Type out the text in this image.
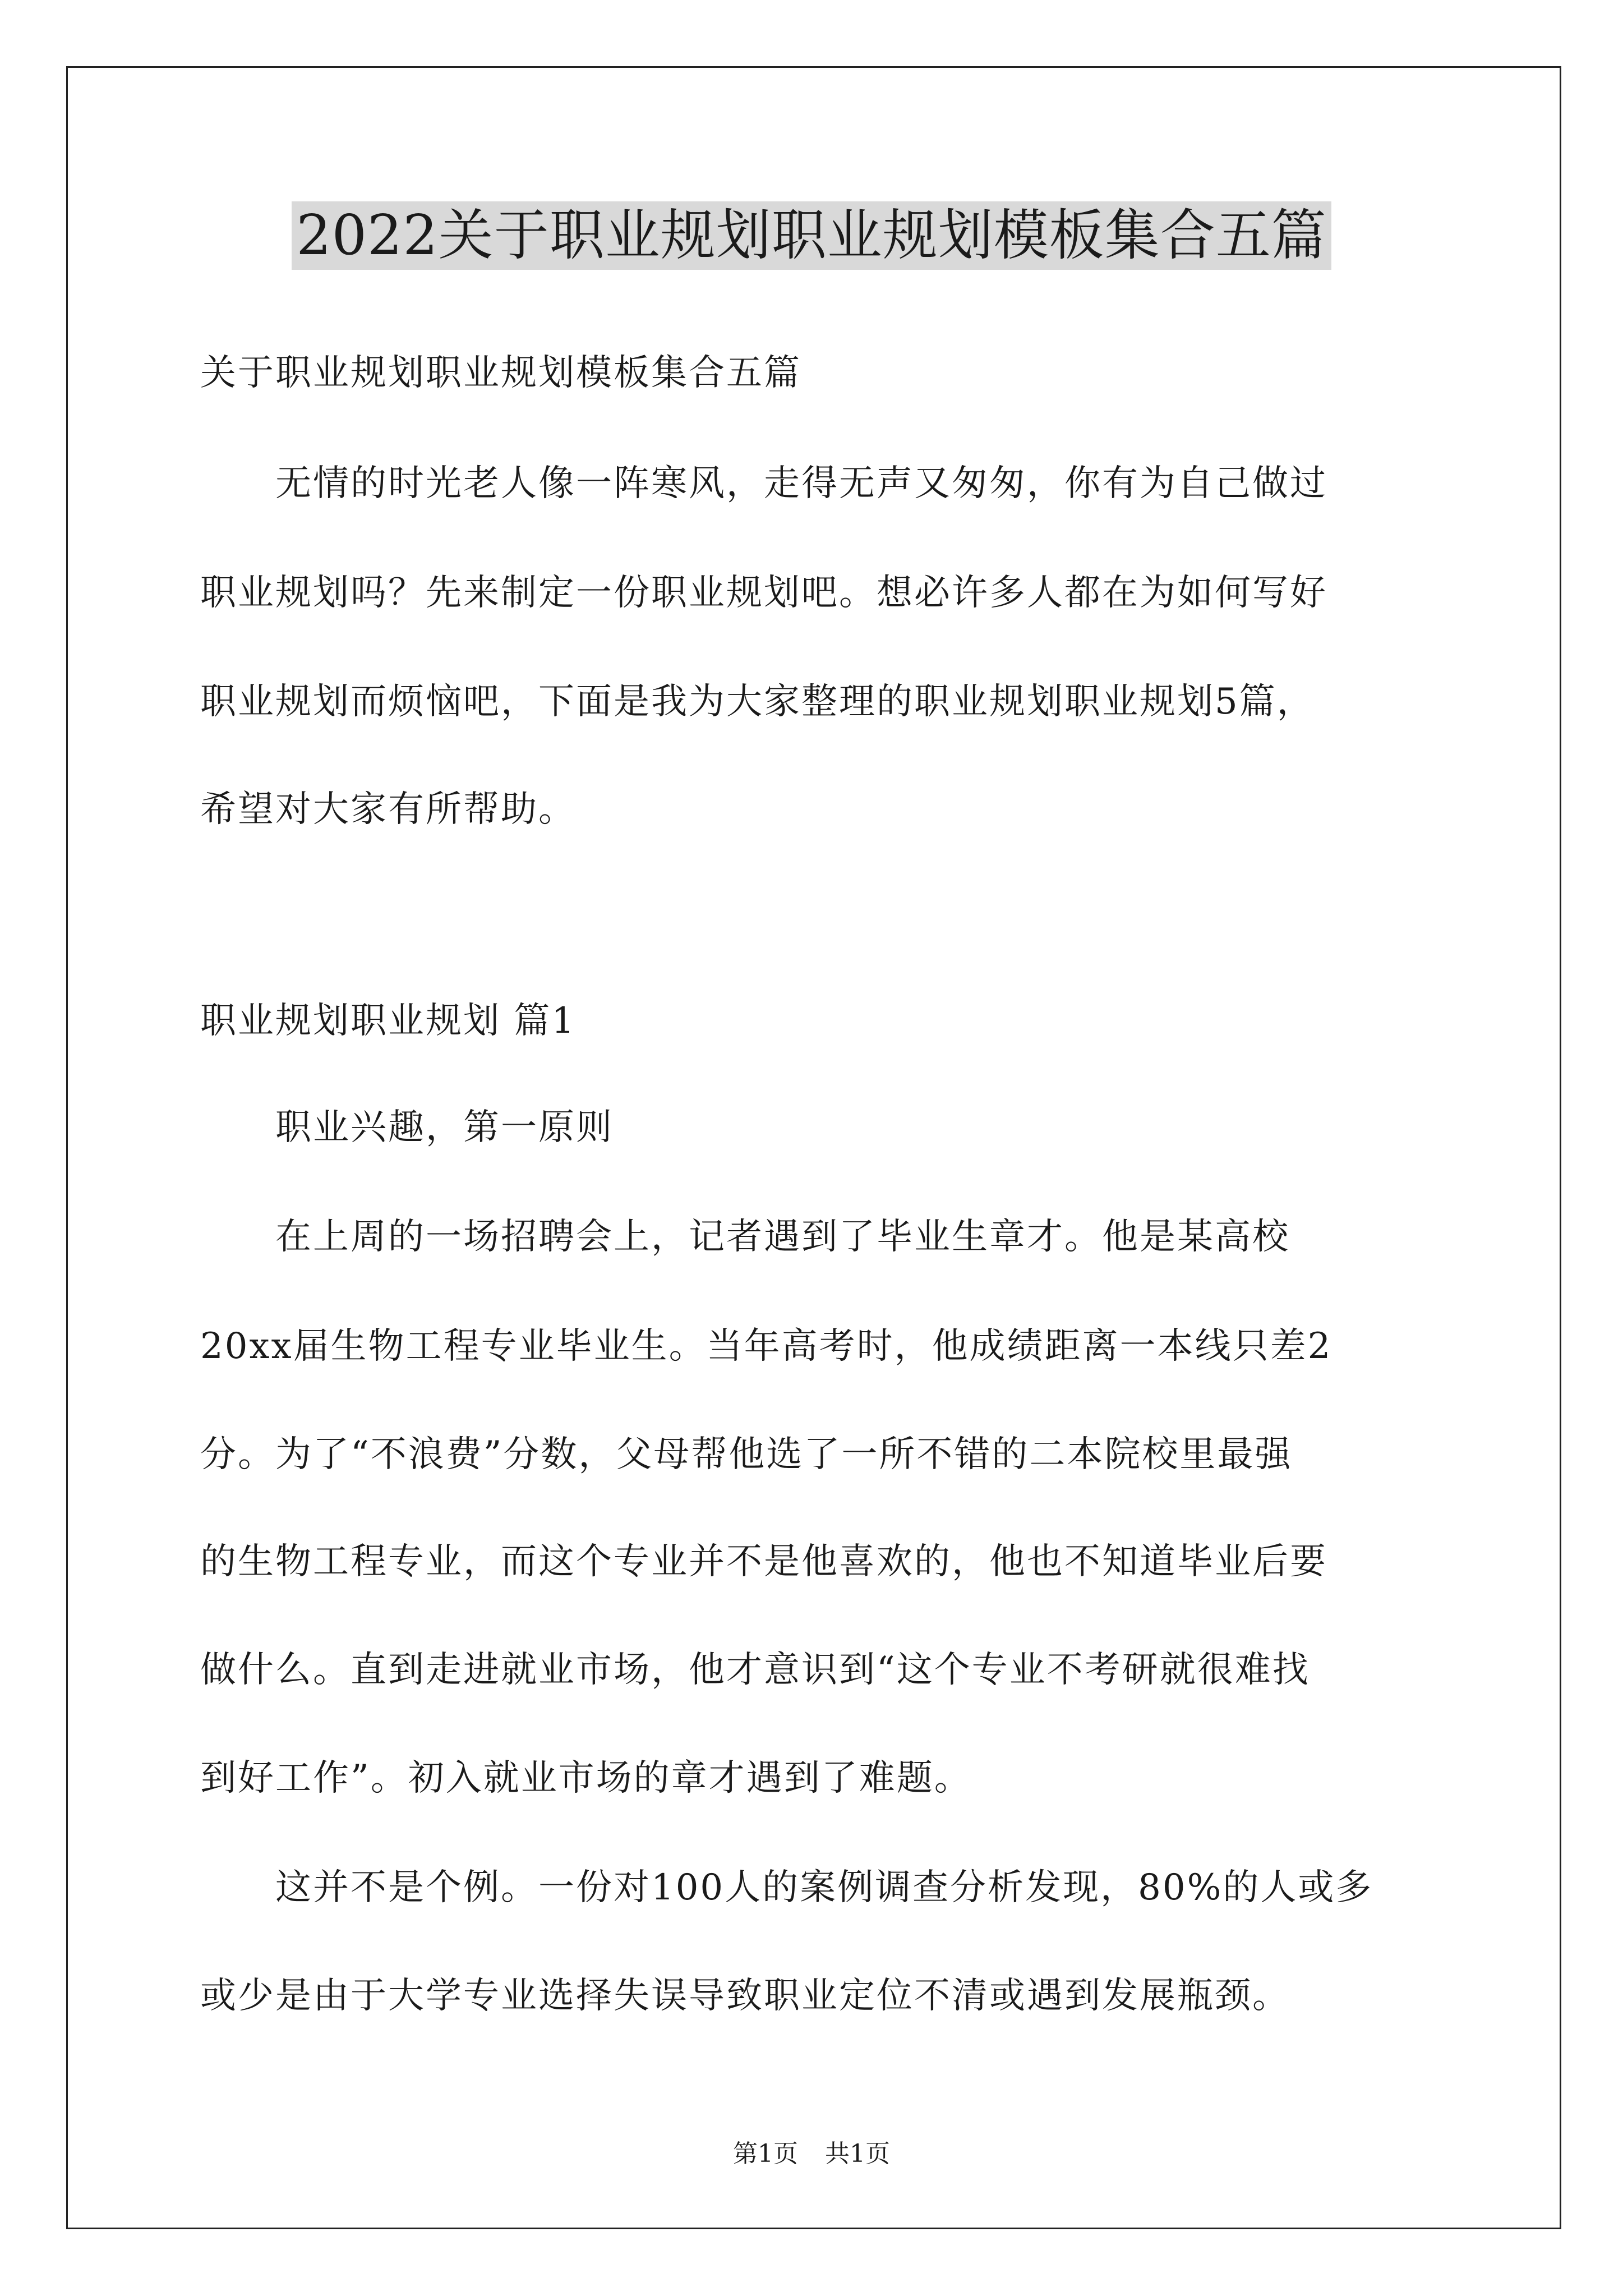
2022关于职业规划职业规划模板集合五篇
关于职业规划职业规划模板集合五篇
　　无情的时光老人像一阵寒风，走得无声又匆匆，你有为自己做过
职业规划吗？先来制定一份职业规划吧。想必许多人都在为如何写好
职业规划而烦恼吧，下面是我为大家整理的职业规划职业规划5篇，
希望对大家有所帮助。
职业规划职业规划 篇1
　　职业兴趣，第一原则
　　在上周的一场招聘会上，记者遇到了毕业生章才。他是某高校
20xx届生物工程专业毕业生。当年高考时，他成绩距离一本线只差2
分。为了“不浪费”分数，父母帮他选了一所不错的二本院校里最强
的生物工程专业，而这个专业并不是他喜欢的，他也不知道毕业后要
做什么。直到走进就业市场，他才意识到“这个专业不考研就很难找
到好工作”。初入就业市场的章才遇到了难题。
　　这并不是个例。一份对100人的案例调查分析发现，80%的人或多
或少是由于大学专业选择失误导致职业定位不清或遇到发展瓶颈。
第1页 共1页
